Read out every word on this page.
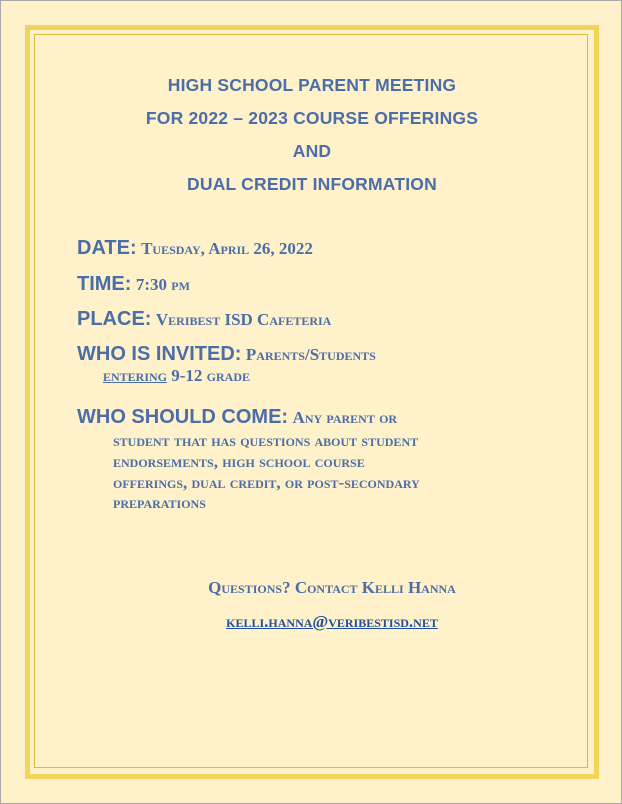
HIGH SCHOOL PARENT MEETING
FOR 2022 – 2023 COURSE OFFERINGS
AND
DUAL CREDIT INFORMATION
DATE: Tuesday, April 26, 2022
TIME: 7:30 pm
PLACE: Veribest ISD Cafeteria
WHO IS INVITED: Parents/Students
entering 9-12 grade
WHO SHOULD COME: Any parent or
student that has questions about student
endorsements, high school course
offerings, dual credit, or post-secondary
preparations
Questions? Contact Kelli Hanna
kelli.hanna@veribestisd.net
